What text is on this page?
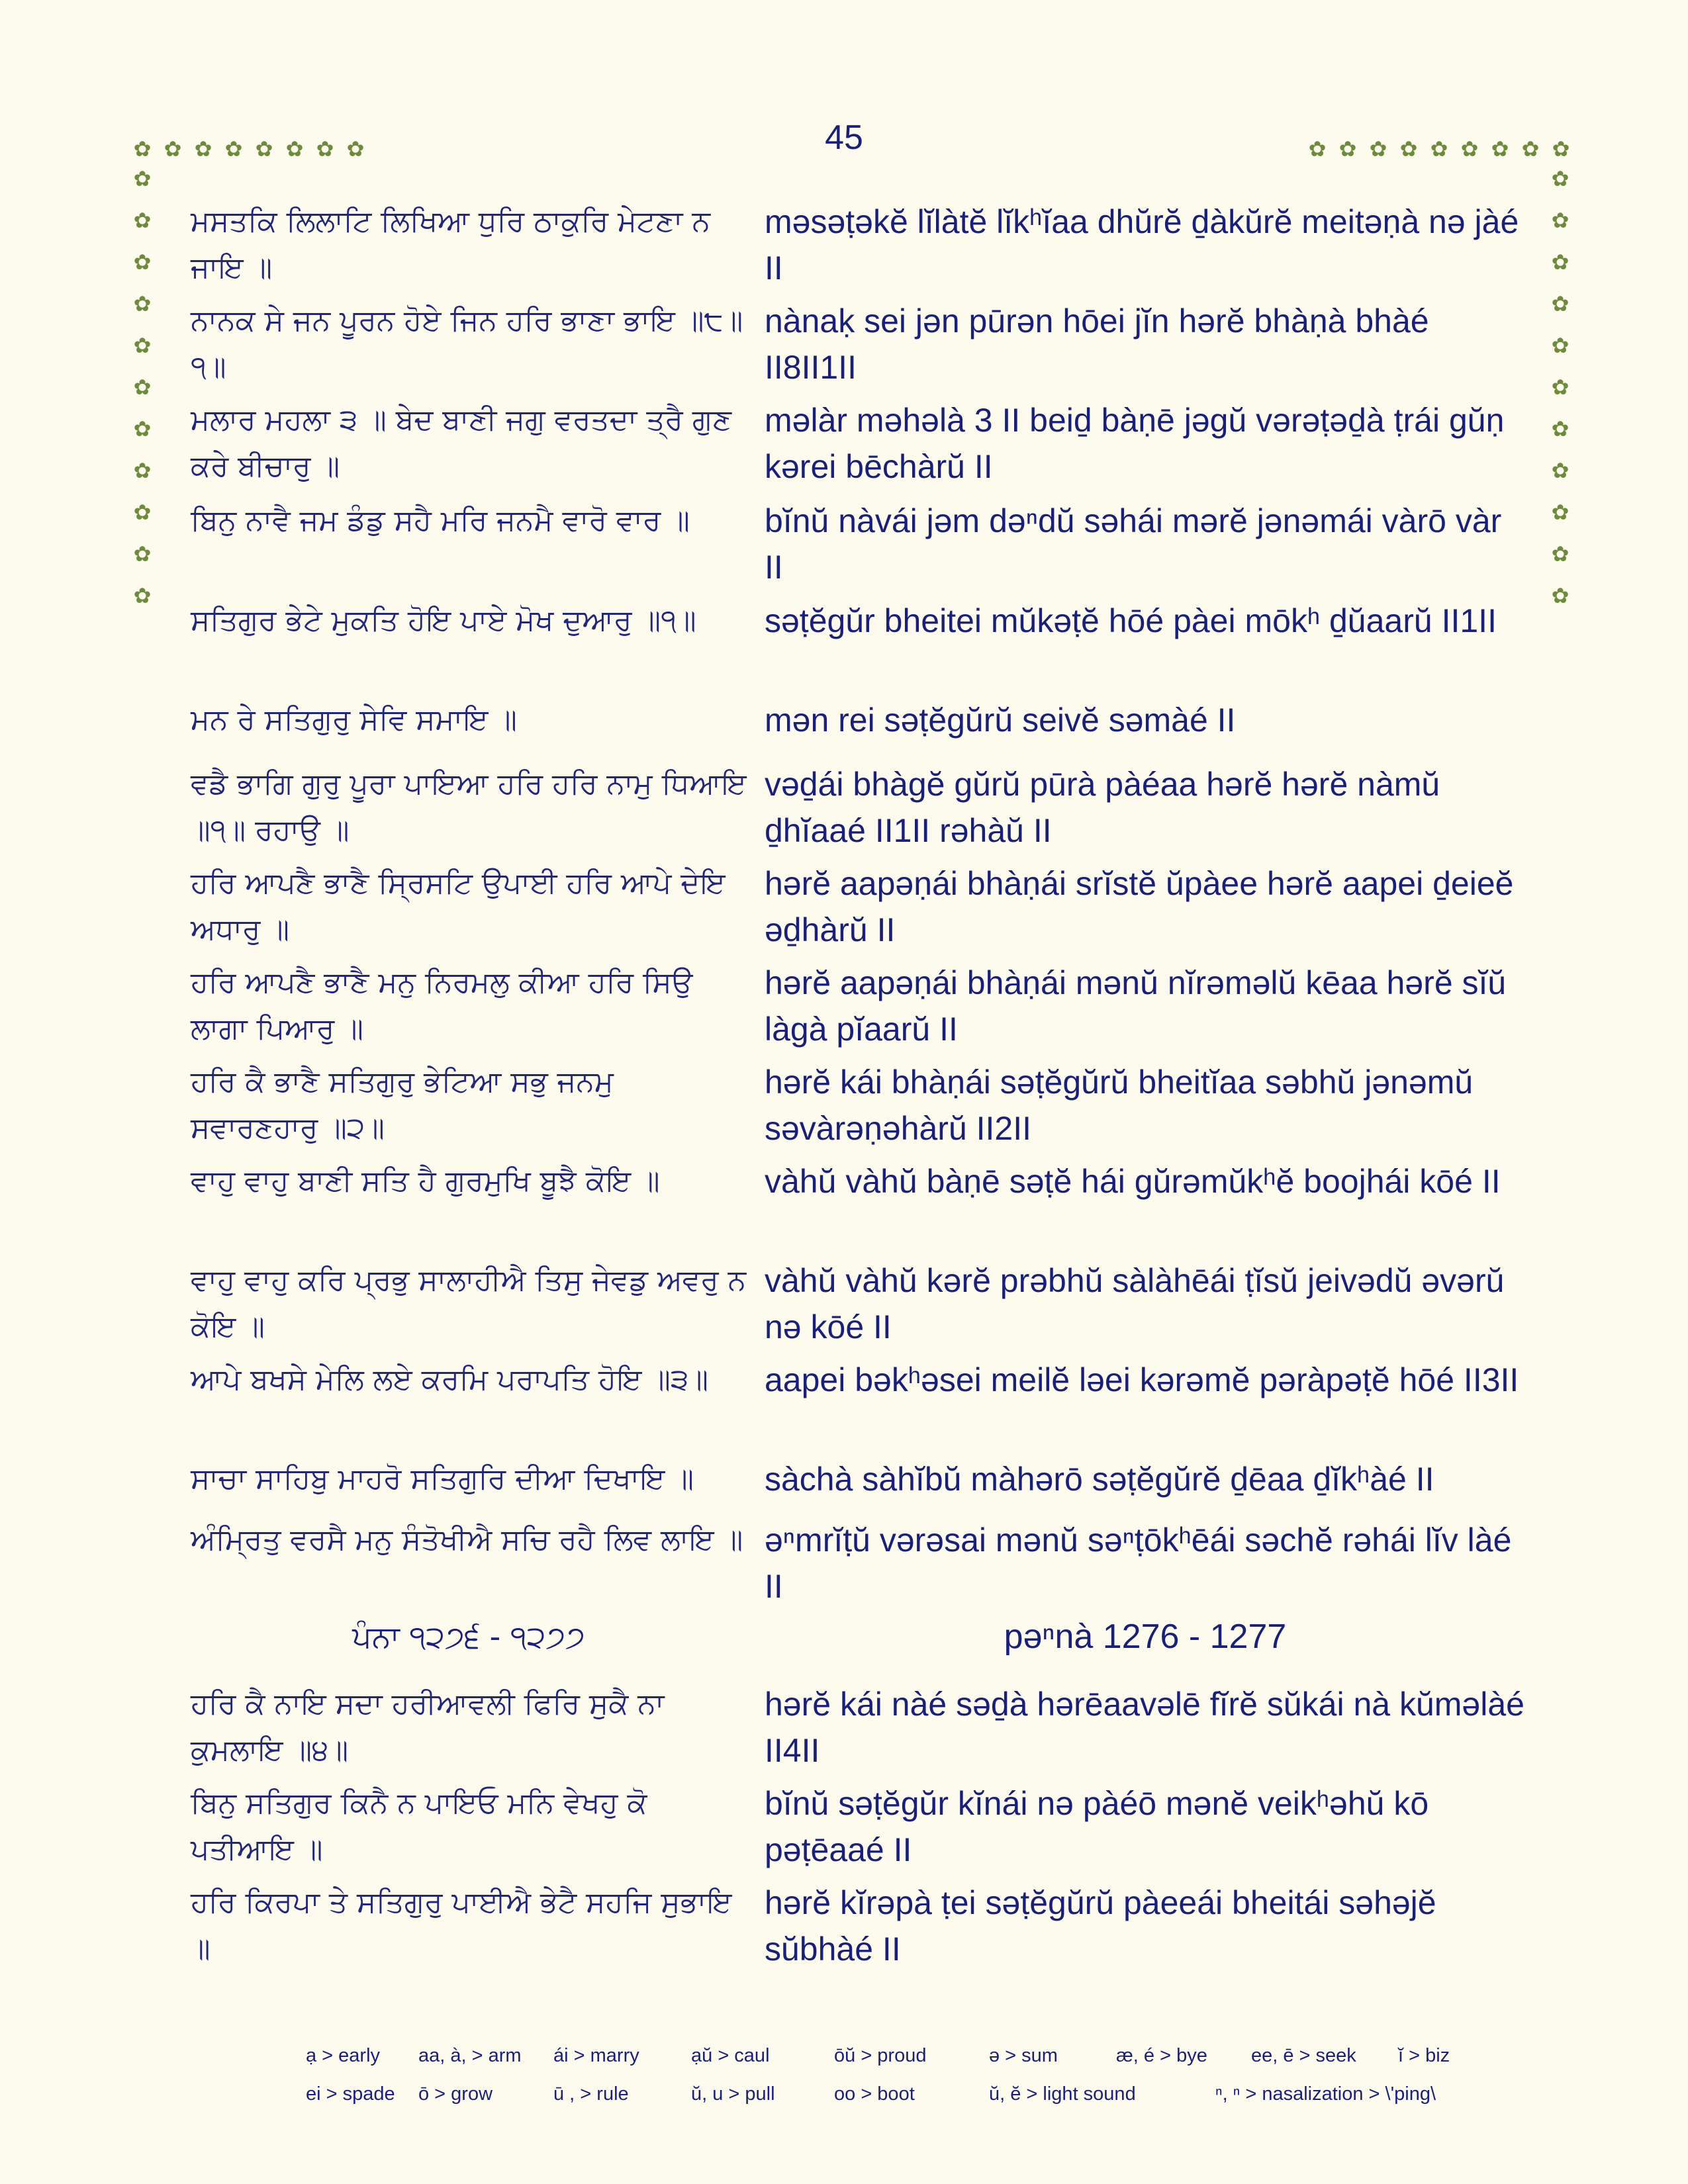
45
✿ ✿ ✿ ✿ ✿ ✿ ✿ ✿	✿ ✿ ✿ ✿ ✿ ✿ ✿ ✿ ✿
✿
✿
✿
✿
✿
✿
✿
✿
✿
✿
✿
✿
✿
✿
✿
✿
✿
✿
✿
✿
✿
✿
ਮਸਤਕਿ ਲਿਲਾਟਿ ਲਿਖਿਆ ਧੁਰਿ ਠਾਕੁਰਿ ਮੇਟਣਾ ਨ ਜਾਇ ॥
məsəṭəkĕ lĭlàtĕ lĭkʰĭaa dhŭrĕ ḏàkŭrĕ meitəṇà nə jàé II
ਨਾਨਕ ਸੇ ਜਨ ਪੂਰਨ ਹੋਏ ਜਿਨ ਹਰਿ ਭਾਣਾ ਭਾਇ ॥੮॥੧॥
nànaḳ sei jən pūrən hōei jĭn hərĕ bhàṇà bhàé II8II1II
ਮਲਾਰ ਮਹਲਾ ੩ ॥ ਬੇਦ ਬਾਣੀ ਜਗੁ ਵਰਤਦਾ ਤ੍ਰੈ ਗੁਣ ਕਰੇ ਬੀਚਾਰੁ ॥
məlàr məhəlà 3 II beiḏ bàṇē jəgŭ vərəṭəḏà ṭrái gŭṇ kərei bēchàrŭ II
ਬਿਨੁ ਨਾਵੈ ਜਮ ਡੰਡੁ ਸਹੈ ਮਰਿ ਜਨਮੈ ਵਾਰੋ ਵਾਰ ॥	bĭnŭ nàvái jəm dəⁿdŭ səhái mərĕ jənəmái vàrō vàr II
ਸਤਿਗੁਰ ਭੇਟੇ ਮੁਕਤਿ ਹੋਇ ਪਾਏ ਮੋਖ ਦੁਆਰੁ ॥੧॥	səṭĕgŭr bheitei mŭkəṭĕ hōé pàei mōkʰ ḏŭaarŭ II1II
ਮਨ ਰੇ ਸਤਿਗੁਰੁ ਸੇਵਿ ਸਮਾਇ ॥	mən rei səṭĕgŭrŭ seivĕ səmàé II
ਵਡੈ ਭਾਗਿ ਗੁਰੁ ਪੂਰਾ ਪਾਇਆ ਹਰਿ ਹਰਿ ਨਾਮੁ ਧਿਆਇ ॥੧॥ ਰਹਾਉ ॥
vəḏái bhàgĕ gŭrŭ pūrà pàéaa hərĕ hərĕ nàmŭ ḏhĭaaé II1II rəhàŭ II
ਹਰਿ ਆਪਣੈ ਭਾਣੈ ਸ੍ਰਿਸਟਿ ਉਪਾਈ ਹਰਿ ਆਪੇ ਦੇਇ ਅਧਾਰੁ ॥
hərĕ aapəṇái bhàṇái srĭstĕ ŭpàee hərĕ aapei ḏeieĕ əḏhàrŭ II
ਹਰਿ ਆਪਣੈ ਭਾਣੈ ਮਨੁ ਨਿਰਮਲੁ ਕੀਆ ਹਰਿ ਸਿਉ ਲਾਗਾ ਪਿਆਰੁ ॥
hərĕ aapəṇái bhàṇái mənŭ nĭrəməlŭ kēaa hərĕ sĭŭ làgà pĭaarŭ II
ਹਰਿ ਕੈ ਭਾਣੈ ਸਤਿਗੁਰੁ ਭੇਟਿਆ ਸਭੁ ਜਨਮੁ ਸਵਾਰਣਹਾਰੁ ॥੨॥
hərĕ kái bhàṇái səṭĕgŭrŭ bheitĭaa səbhŭ jənəmŭ səvàrəṇəhàrŭ II2II
ਵਾਹੁ ਵਾਹੁ ਬਾਣੀ ਸਤਿ ਹੈ ਗੁਰਮੁਖਿ ਬੂਝੈ ਕੋਇ ॥	vàhŭ vàhŭ bàṇē səṭĕ hái gŭrəmŭkʰĕ boojhái kōé II
ਵਾਹੁ ਵਾਹੁ ਕਰਿ ਪ੍ਰਭੁ ਸਾਲਾਹੀਐ ਤਿਸੁ ਜੇਵਡੁ ਅਵਰੁ ਨ ਕੋਇ ॥
vàhŭ vàhŭ kərĕ prəbhŭ sàlàhēái ṭĭsŭ jeivədŭ əvərŭ nə kōé II
ਆਪੇ ਬਖਸੇ ਮੇਲਿ ਲਏ ਕਰਮਿ ਪਰਾਪਤਿ ਹੋਇ ॥੩॥	aapei bəkʰəsei meilĕ ləei kərəmĕ pəràpəṭĕ hōé II3II
ਸਾਚਾ ਸਾਹਿਬੁ ਮਾਹਰੋ ਸਤਿਗੁਰਿ ਦੀਆ ਦਿਖਾਇ ॥	sàchà sàhĭbŭ màhərō səṭĕgŭrĕ ḏēaa ḏĭkʰàé II
ਅੰਮ੍ਰਿਤੁ ਵਰਸੈ ਮਨੁ ਸੰਤੋਖੀਐ ਸਚਿ ਰਹੈ ਲਿਵ ਲਾਇ ॥ əⁿmrĭṭŭ vərəsai mənŭ səⁿṭōkʰēái səchĕ rəhái lĭv làé II
ਪੰਨਾ ੧੨੭੬ - ੧੨੭੭	pəⁿnà 1276 - 1277
ਹਰਿ ਕੈ ਨਾਇ ਸਦਾ ਹਰੀਆਵਲੀ ਫਿਰਿ ਸੁਕੈ ਨਾ ਕੁਮਲਾਇ ॥੪॥
hərĕ kái nàé səḏà hərēaavəlē fĭrĕ sŭkái nà kŭməlàé II4II
ਬਿਨੁ ਸਤਿਗੁਰ ਕਿਨੈ ਨ ਪਾਇਓ ਮਨਿ ਵੇਖਹੁ ਕੋ ਪਤੀਆਇ ॥
bĭnŭ səṭĕgŭr kĭnái nə pàéō mənĕ veikʰəhŭ kō pəṭēaaé II
ਹਰਿ ਕਿਰਪਾ ਤੇ ਸਤਿਗੁਰੁ ਪਾਈਐ ਭੇਟੈ ਸਹਜਿ ਸੁਭਾਇ ॥
hərĕ kĭrəpà ṭei səṭĕgŭrŭ pàeeái bheitái səhəjĕ sŭbhàé II
ạ > early aa, à, > arm ái > marry	ạŭ > caul	ōŭ > proud	ə > sum	æ, é > bye ee, ē > seek ĭ > biz
ei > spade ō > grow	ū , > rule	ŭ, u > pull	oo > boot	ŭ, ĕ > light sound	ⁿ, ⁿ > nasalization > \'ping\
